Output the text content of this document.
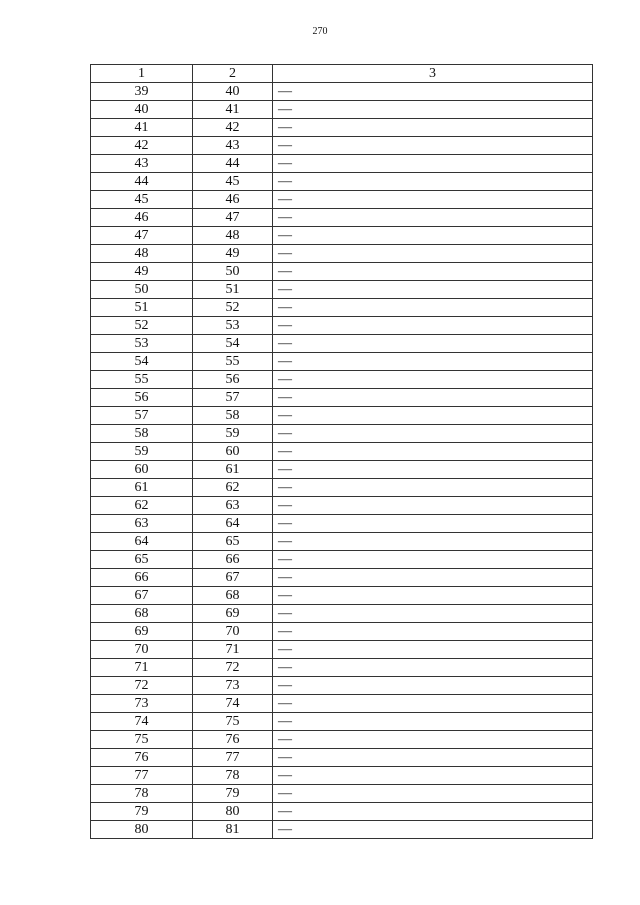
270
1	2	3
39	40	—
40	41	—
41	42	—
42	43	—
43	44	—
44	45	—
45	46	—
46	47	—
47	48	—
48	49	—
49	50	—
50	51	—
51	52	—
52	53	—
53	54	—
54	55	—
55	56	—
56	57	—
57	58	—
58	59	—
59	60	—
60	61	—
61	62	—
62	63	—
63	64	—
64	65	—
65	66	—
66	67	—
67	68	—
68	69	—
69	70	—
70	71	—
71	72	—
72	73	—
73	74	—
74	75	—
75	76	—
76	77	—
77	78	—
78	79	—
79	80	—
80	81	—
